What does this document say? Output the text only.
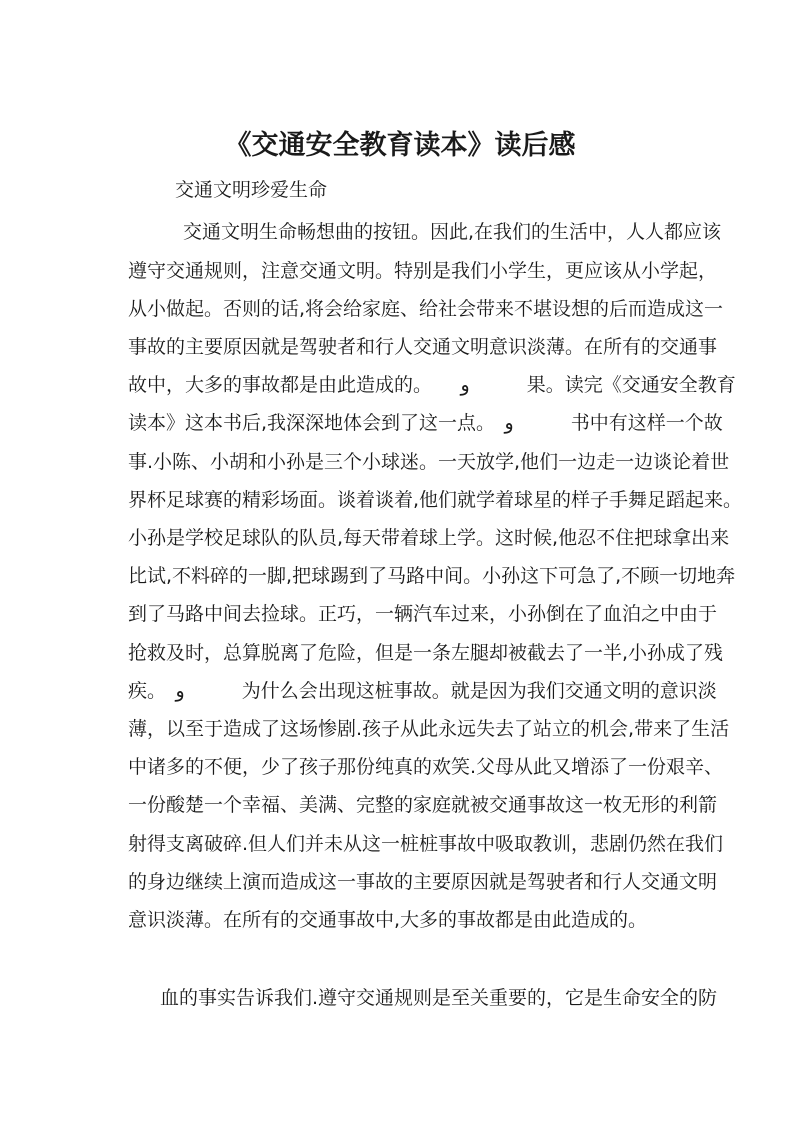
《交通安全教育读本》读后感
交通文明珍爱生命
交通文明生命畅想曲的按钮。因此,在我们的生活中，人人都应该
遵守交通规则，注意交通文明。特别是我们小学生，更应该从小学起，
从小做起。否则的话,将会给家庭、给社会带来不堪设想的后而造成这一
事故的主要原因就是驾驶者和行人交通文明意识淡薄。在所有的交通事
故中，大多的事故都是由此造成的。　　و　　　果。读完《交通安全教育
读本》这本书后,我深深地体会到了这一点。　ﻭ　　　书中有这样一个故
事.小陈、小胡和小孙是三个小球迷。一天放学,他们一边走一边谈论着世
界杯足球赛的精彩场面。谈着谈着,他们就学着球星的样子手舞足蹈起来。
小孙是学校足球队的队员,每天带着球上学。这时候,他忍不住把球拿出来
比试,不料碎的一脚,把球踢到了马路中间。小孙这下可急了,不顾一切地奔
到了马路中间去捡球。正巧，一辆汽车过来，小孙倒在了血泊之中由于
抢救及时，总算脱离了危险，但是一条左腿却被截去了一半,小孙成了残
疾。　ﻭ　　　为什么会出现这桩事故。就是因为我们交通文明的意识淡
薄，以至于造成了这场惨剧.孩子从此永远失去了站立的机会,带来了生活
中诸多的不便，少了孩子那份纯真的欢笑.父母从此又增添了一份艰辛、
一份酸楚一个幸福、美满、完整的家庭就被交通事故这一枚无形的利箭
射得支离破碎.但人们并未从这一桩桩事故中吸取教训，悲剧仍然在我们
的身边继续上演而造成这一事故的主要原因就是驾驶者和行人交通文明
意识淡薄。在所有的交通事故中,大多的事故都是由此造成的。
血的事实告诉我们.遵守交通规则是至关重要的，它是生命安全的防
